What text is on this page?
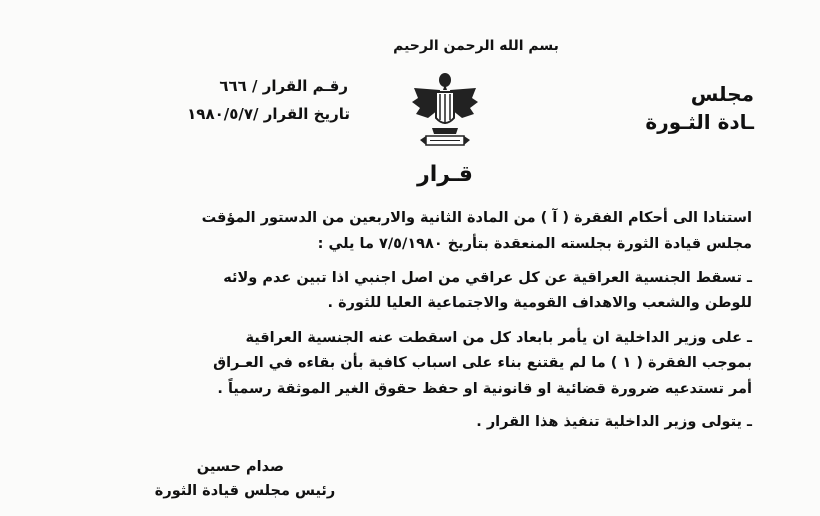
بسم الله الرحمن الرحيم
مجلس
ـادة الثـورة
رقـم القرار / ٦٦٦
تاريخ القرار /١٩٨٠/٥/٧
قـرار
استنادا الى أحكام الفقرة ( آ ) من المادة الثانية والاربعين من الدستور المؤقت
مجلس قيادة الثورة بجلسته المنعقدة بتأريخ ٧/٥/١٩٨٠ ما يلي :
ـ تسقط الجنسية العراقية عن كل عراقي من اصل اجنبي اذا تبين عدم ولائه
للوطن والشعب والاهداف القومية والاجتماعية العليا للثورة .
ـ على وزير الداخلية ان يأمر بابعاد كل من اسقطت عنه الجنسية العراقية
بموجب الفقرة ( ١ ) ما لم يقتنع بناء على اسباب كافية بأن بقاءه في العـراق
أمر تستدعيه ضرورة قضائية او قانونية او حفظ حقوق الغير الموثقة رسمياً .
ـ يتولى وزير الداخلية تنفيذ هذا القرار .
صدام حسين
رئيس مجلس قيادة الثورة
